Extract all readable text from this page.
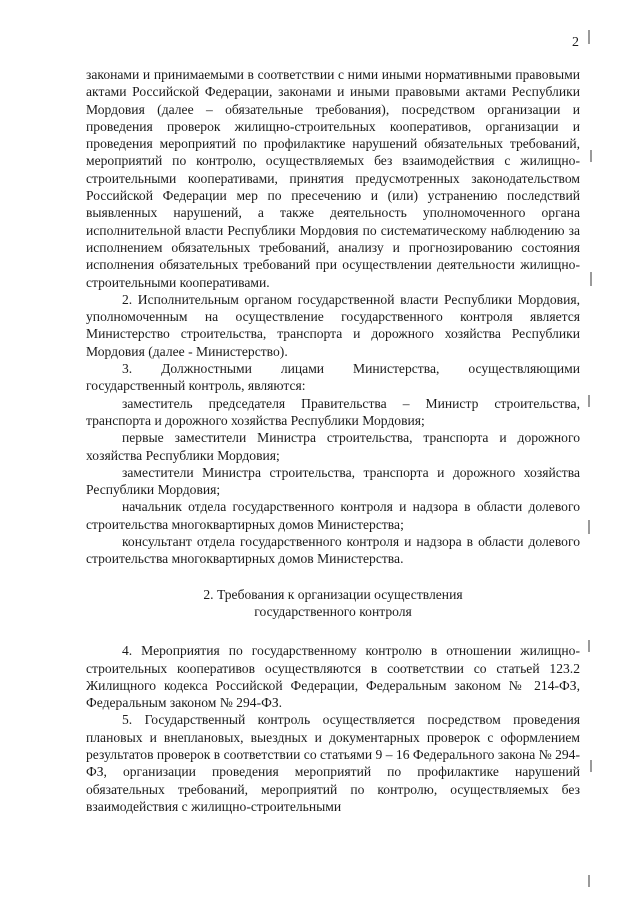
2

законами и принимаемыми в соответствии с ними иными нормативными правовыми актами Российской Федерации, законами и иными правовыми актами Республики Мордовия (далее – обязательные требования), посредством организации и проведения проверок жилищно-строительных кооперативов, организации и проведения мероприятий по профилактике нарушений обязательных требований, мероприятий по контролю, осуществляемых без взаимодействия с жилищно-строительными кооперативами, принятия предусмотренных законодательством Российской Федерации мер по пресечению и (или) устранению последствий выявленных нарушений, а также деятельность уполномоченного органа исполнительной власти Республики Мордовия по систематическому наблюдению за исполнением обязательных требований, анализу и прогнозированию состояния исполнения обязательных требований при осуществлении деятельности жилищно-строительными кооперативами.

2. Исполнительным органом государственной власти Республики Мордовия, уполномоченным на осуществление государственного контроля является Министерство строительства, транспорта и дорожного хозяйства Республики Мордовия (далее - Министерство).

3. Должностными лицами Министерства, осуществляющими государственный контроль, являются:

заместитель председателя Правительства – Министр строительства, транспорта и дорожного хозяйства Республики Мордовия;

первые заместители Министра строительства, транспорта и дорожного хозяйства Республики Мордовия;

заместители Министра строительства, транспорта и дорожного хозяйства Республики Мордовия;

начальник отдела государственного контроля и надзора в области долевого строительства многоквартирных домов Министерства;

консультант отдела государственного контроля и надзора в области долевого строительства многоквартирных домов Министерства.

2. Требования к организации осуществления
государственного контроля

4. Мероприятия по государственному контролю в отношении жилищно-строительных кооперативов осуществляются в соответствии со статьей 123.2 Жилищного кодекса Российской Федерации, Федеральным законом № 214-ФЗ, Федеральным законом № 294-ФЗ.

5. Государственный контроль осуществляется посредством проведения плановых и внеплановых, выездных и документарных проверок с оформлением результатов проверок в соответствии со статьями 9 – 16 Федерального закона № 294-ФЗ, организации проведения мероприятий по профилактике нарушений обязательных требований, мероприятий по контролю, осуществляемых без взаимодействия с жилищно-строительными
